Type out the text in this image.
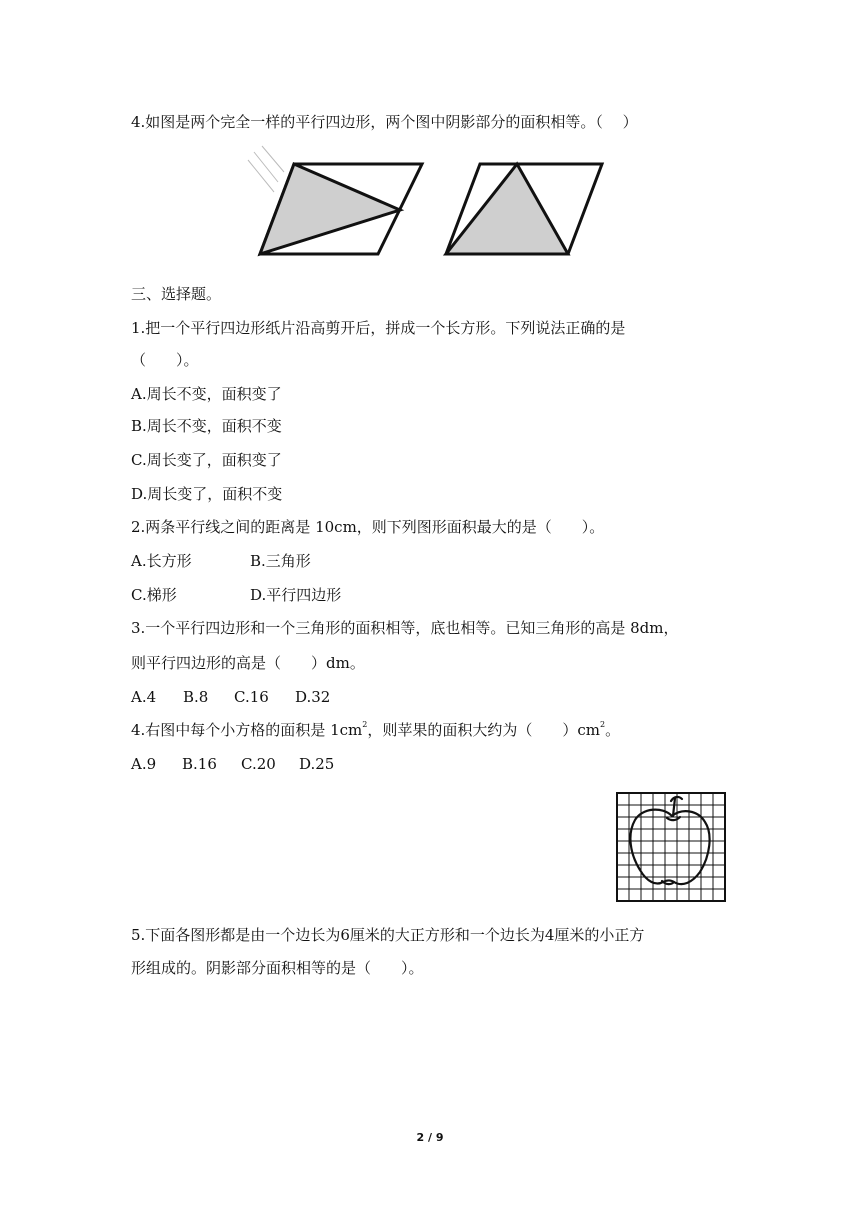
4.如图是两个完全一样的平行四边形，两个图中阴影部分的面积相等。（ 　）
三、选择题。
1.把一个平行四边形纸片沿高剪开后，拼成一个长方形。下列说法正确的是
（　　）。
A.周长不变，面积变了
B.周长不变，面积不变
C.周长变了，面积变了
D.周长变了，面积不变
2.两条平行线之间的距离是 10cm，则下列图形面积最大的是（　　）。
A.长方形	B.三角形
C.梯形	D.平行四边形
3.一个平行四边形和一个三角形的面积相等，底也相等。已知三角形的高是 8dm，
则平行四边形的高是（　　）dm。
A.4 B.8 C.16 D.32
4.右图中每个小方格的面积是 $1cm^2$，则苹果的面积大约为（　　）$cm^2$。
A.9 B.16 C.20 D.25
5.下面各图形都是由一个边长为6厘米的大正方形和一个边长为4厘米的小正方
形组成的。阴影部分面积相等的是（　　）。
2 / 9
